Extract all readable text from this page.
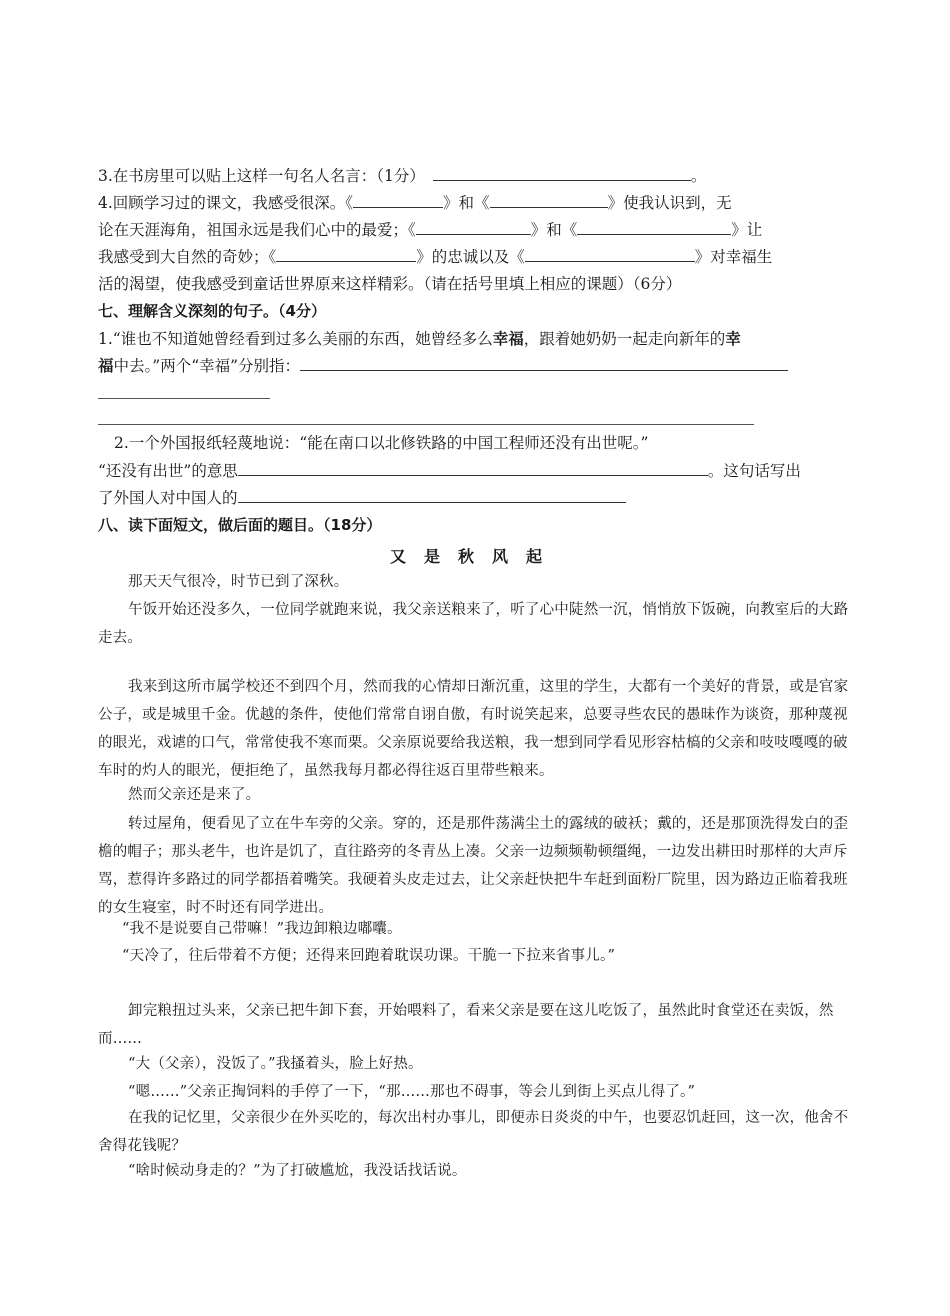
3.在书房里可以贴上这样一句名人名言：（1分）	。
4.回顾学习过的课文，我感受很深。《	》和《	》使我认识到，无
论在天涯海角，祖国永远是我们心中的最爱；《	》和《	》让
我感受到大自然的奇妙；《	》的忠诚以及《	》对幸福生
活的渴望，使我感受到童话世界原来这样精彩。（请在括号里填上相应的课题）（6分）
七、理解含义深刻的句子。（4分）
1.“谁也不知道她曾经看到过多么美丽的东西，她曾经多么幸福，跟着她奶奶一起走向新年的幸
福中去。”两个“幸福”分别指：
2.一个外国报纸轻蔑地说：“能在南口以北修铁路的中国工程师还没有出世呢。”
“还没有出世”的意思	。这句话写出
了外国人对中国人的
八、读下面短文，做后面的题目。（18分）
又是秋风起
那天天气很冷，时节已到了深秋。
午饭开始还没多久，一位同学就跑来说，我父亲送粮来了，听了心中陡然一沉，悄悄放下饭碗，向教室后的大路走去。
我来到这所市属学校还不到四个月，然而我的心情却日渐沉重，这里的学生，大都有一个美好的背景，或是官家公子，或是城里千金。优越的条件，使他们常常自诩自傲，有时说笑起来，总要寻些农民的愚昧作为谈资，那种蔑视的眼光，戏谑的口气，常常使我不寒而栗。父亲原说要给我送粮，我一想到同学看见形容枯槁的父亲和吱吱嘎嘎的破车时的灼人的眼光，便拒绝了，虽然我每月都必得往返百里带些粮来。
然而父亲还是来了。
转过屋角，便看见了立在牛车旁的父亲。穿的，还是那件荡满尘土的露绒的破袄；戴的，还是那顶洗得发白的歪檐的帽子；那头老牛，也许是饥了，直往路旁的冬青丛上凑。父亲一边频频勒顿缰绳，一边发出耕田时那样的大声斥骂，惹得许多路过的同学都捂着嘴笑。我硬着头皮走过去，让父亲赶快把牛车赶到面粉厂院里，因为路边正临着我班的女生寝室，时不时还有同学进出。
“我不是说要自己带嘛！”我边卸粮边嘟囔。
“天冷了，往后带着不方便；还得来回跑着耽误功课。干脆一下拉来省事儿。”
卸完粮扭过头来，父亲已把牛卸下套，开始喂料了，看来父亲是要在这儿吃饭了，虽然此时食堂还在卖饭，然而……
“大（父亲），没饭了。”我搔着头，脸上好热。
“嗯……”父亲正掏饲料的手停了一下，“那……那也不碍事，等会儿到街上买点儿得了。”
在我的记忆里，父亲很少在外买吃的，每次出村办事儿，即便赤日炎炎的中午，也要忍饥赶回，这一次，他舍不舍得花钱呢？
“啥时候动身走的？”为了打破尴尬，我没话找话说。
